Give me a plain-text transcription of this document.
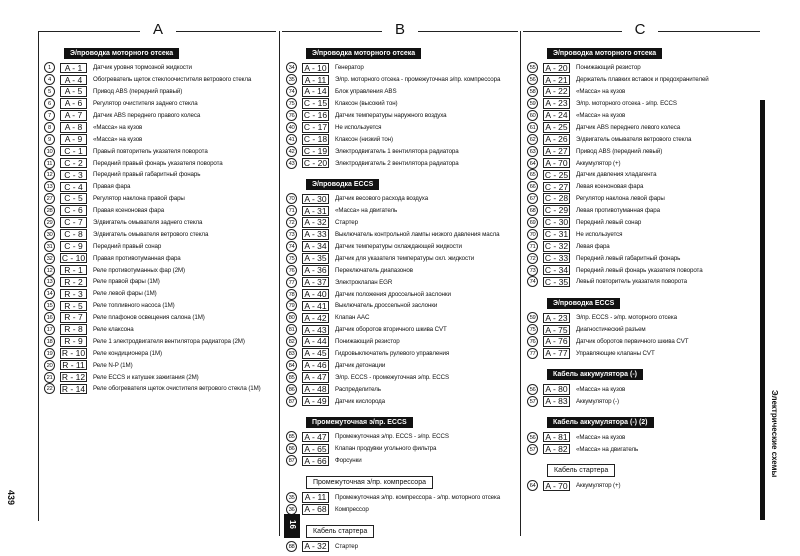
A	B	C
Э/проводка моторного отсека
1	A - 1	Датчик уровня тормозной жидкости
4	A - 4	Обогреватель щеток стеклоочистителя ветрового стекла
5	A - 5	Привод ABS (передний правый)
6	A - 6	Регулятор очистителя заднего стекла
7	A - 7	Датчик ABS переднего правого колеса
8	A - 8	«Масса» на кузов
9	A - 9	«Масса» на кузов
10	C - 1	Правый повторитель указателя поворота
11	C - 2	Передний правый фонарь указателя поворота
12	C - 3	Передний правый габаритный фонарь
13	C - 4	Правая фара
27	C - 5	Регулятор наклона правой фары
28	C - 6	Правая ксеноновая фара
29	C - 7	Э/двигатель омывателя заднего стекла
30	C - 8	Э/двигатель омывателя ветрового стекла
31	C - 9	Передний правый сонар
32	C - 10	Правая противотуманная фара
12	R - 1	Реле противотуманных фар (2M)
13	R - 2	Реле правой фары (1M)
14	R - 3	Реле левой фары (1M)
15	R - 5	Реле топливного насоса (1M)
16	R - 7	Реле плафонов освещения салона (1M)
17	R - 8	Реле клаксона
18	R - 9	Реле 1 электродвигателя вентилятора радиатора (2M)
19	R - 10	Реле кондиционера (1M)
20	R - 11	Реле N-P (1M)
21	R - 12	Реле ECCS и катушек зажигания (2M)
22	R - 14	Реле обогревателя щеток очистителя ветрового стекла (1M)
Э/проводка моторного отсека
34	A - 10	Генератор
35	A - 11	Э/пр. моторного отсека - промежуточная э/пр. компрессора
74	A - 14	Блок управления ABS
75	C - 15	Клаксон (высокий тон)
76	C - 16	Датчик температуры наружного воздуха
40	C - 17	Не используется
41	C - 18	Клаксон (низкий тон)
42	C - 19	Электродвигатель 1 вентилятора радиатора
43	C - 20	Электродвигатель 2 вентилятора радиатора
Э/проводка ECCS
70	A - 30	Датчик весового расхода воздуха
71	A - 31	«Масса» на двигатель
72	A - 32	Стартер
73	A - 33	Выключатель контрольной лампы низкого давления масла
74	A - 34	Датчик температуры охлаждающей жидкости
75	A - 35	Датчик для указателя температуры охл. жидкости
76	A - 36	Переключатель диапазонов
77	A - 37	Электроклапан EGR
78	A - 40	Датчик положения дроссельной заслонки
79	A - 41	Выключатель дроссельной заслонки
80	A - 42	Клапан AAC
81	A - 43	Датчик оборотов вторичного шкива CVT
82	A - 44	Понижающий резистор
83	A - 45	Гидровыключатель рулевого управления
84	A - 46	Датчик детонации
85	A - 47	Э/пр. ECCS - промежуточная э/пр. ECCS
86	A - 48	Распределитель
87	A - 49	Датчик кислорода
Промежуточная э/пр. ECCS
85	A - 47	Промежуточная э/пр. ECCS - э/пр. ECCS
86	A - 65	Клапан продувки угольного фильтра
87	A - 66	Форсунки
Промежуточная э/пр. компрессора
35	A - 11	Промежуточная э/пр. компрессора - э/пр. моторного отсека
36	A - 68	Компрессор
Кабель стартера
88	A - 32	Стартер
Э/проводка моторного отсека
55	A - 20	Понижающий резистор
56	A - 21	Держатель плавких вставок и предохранителей
58	A - 22	«Масса» на кузов
59	A - 23	Э/пр. моторного отсека - э/пр. ECCS
60	A - 24	«Масса» на кузов
61	A - 25	Датчик ABS переднего левого колеса
62	A - 26	Э/двигатель омывателя ветрового стекла
63	A - 27	Привод ABS (передний левый)
64	A - 70	Аккумулятор (+)
65	C - 25	Датчик давления хладагента
66	C - 27	Левая ксеноновая фара
67	C - 28	Регулятор наклона левой фары
68	C - 29	Левая противотуманная фара
69	C - 30	Передний левый сонар
70	C - 31	Не используется
71	C - 32	Левая фара
72	C - 33	Передний левый габаритный фонарь
73	C - 34	Передний левый фонарь указателя поворота
74	C - 35	Левый повторитель указателя поворота
Э/проводка ECCS
59	A - 23	Э/пр. ECCS - э/пр. моторного отсека
75	A - 75	Диагностический разъем
76	A - 76	Датчик оборотов первичного шкива CVT
77	A - 77	Управляющие клапаны CVT
Кабель аккумулятора (-)
56	A - 80	«Масса» на кузов
57	A - 83	Аккумулятор (-)
Кабель аккумулятора (-) (2)
56	A - 81	«Масса» на кузов
57	A - 82	«Масса» на двигатель
Кабель стартера
64	A - 70	Аккумулятор (+)
Электрические схемы
439
16
